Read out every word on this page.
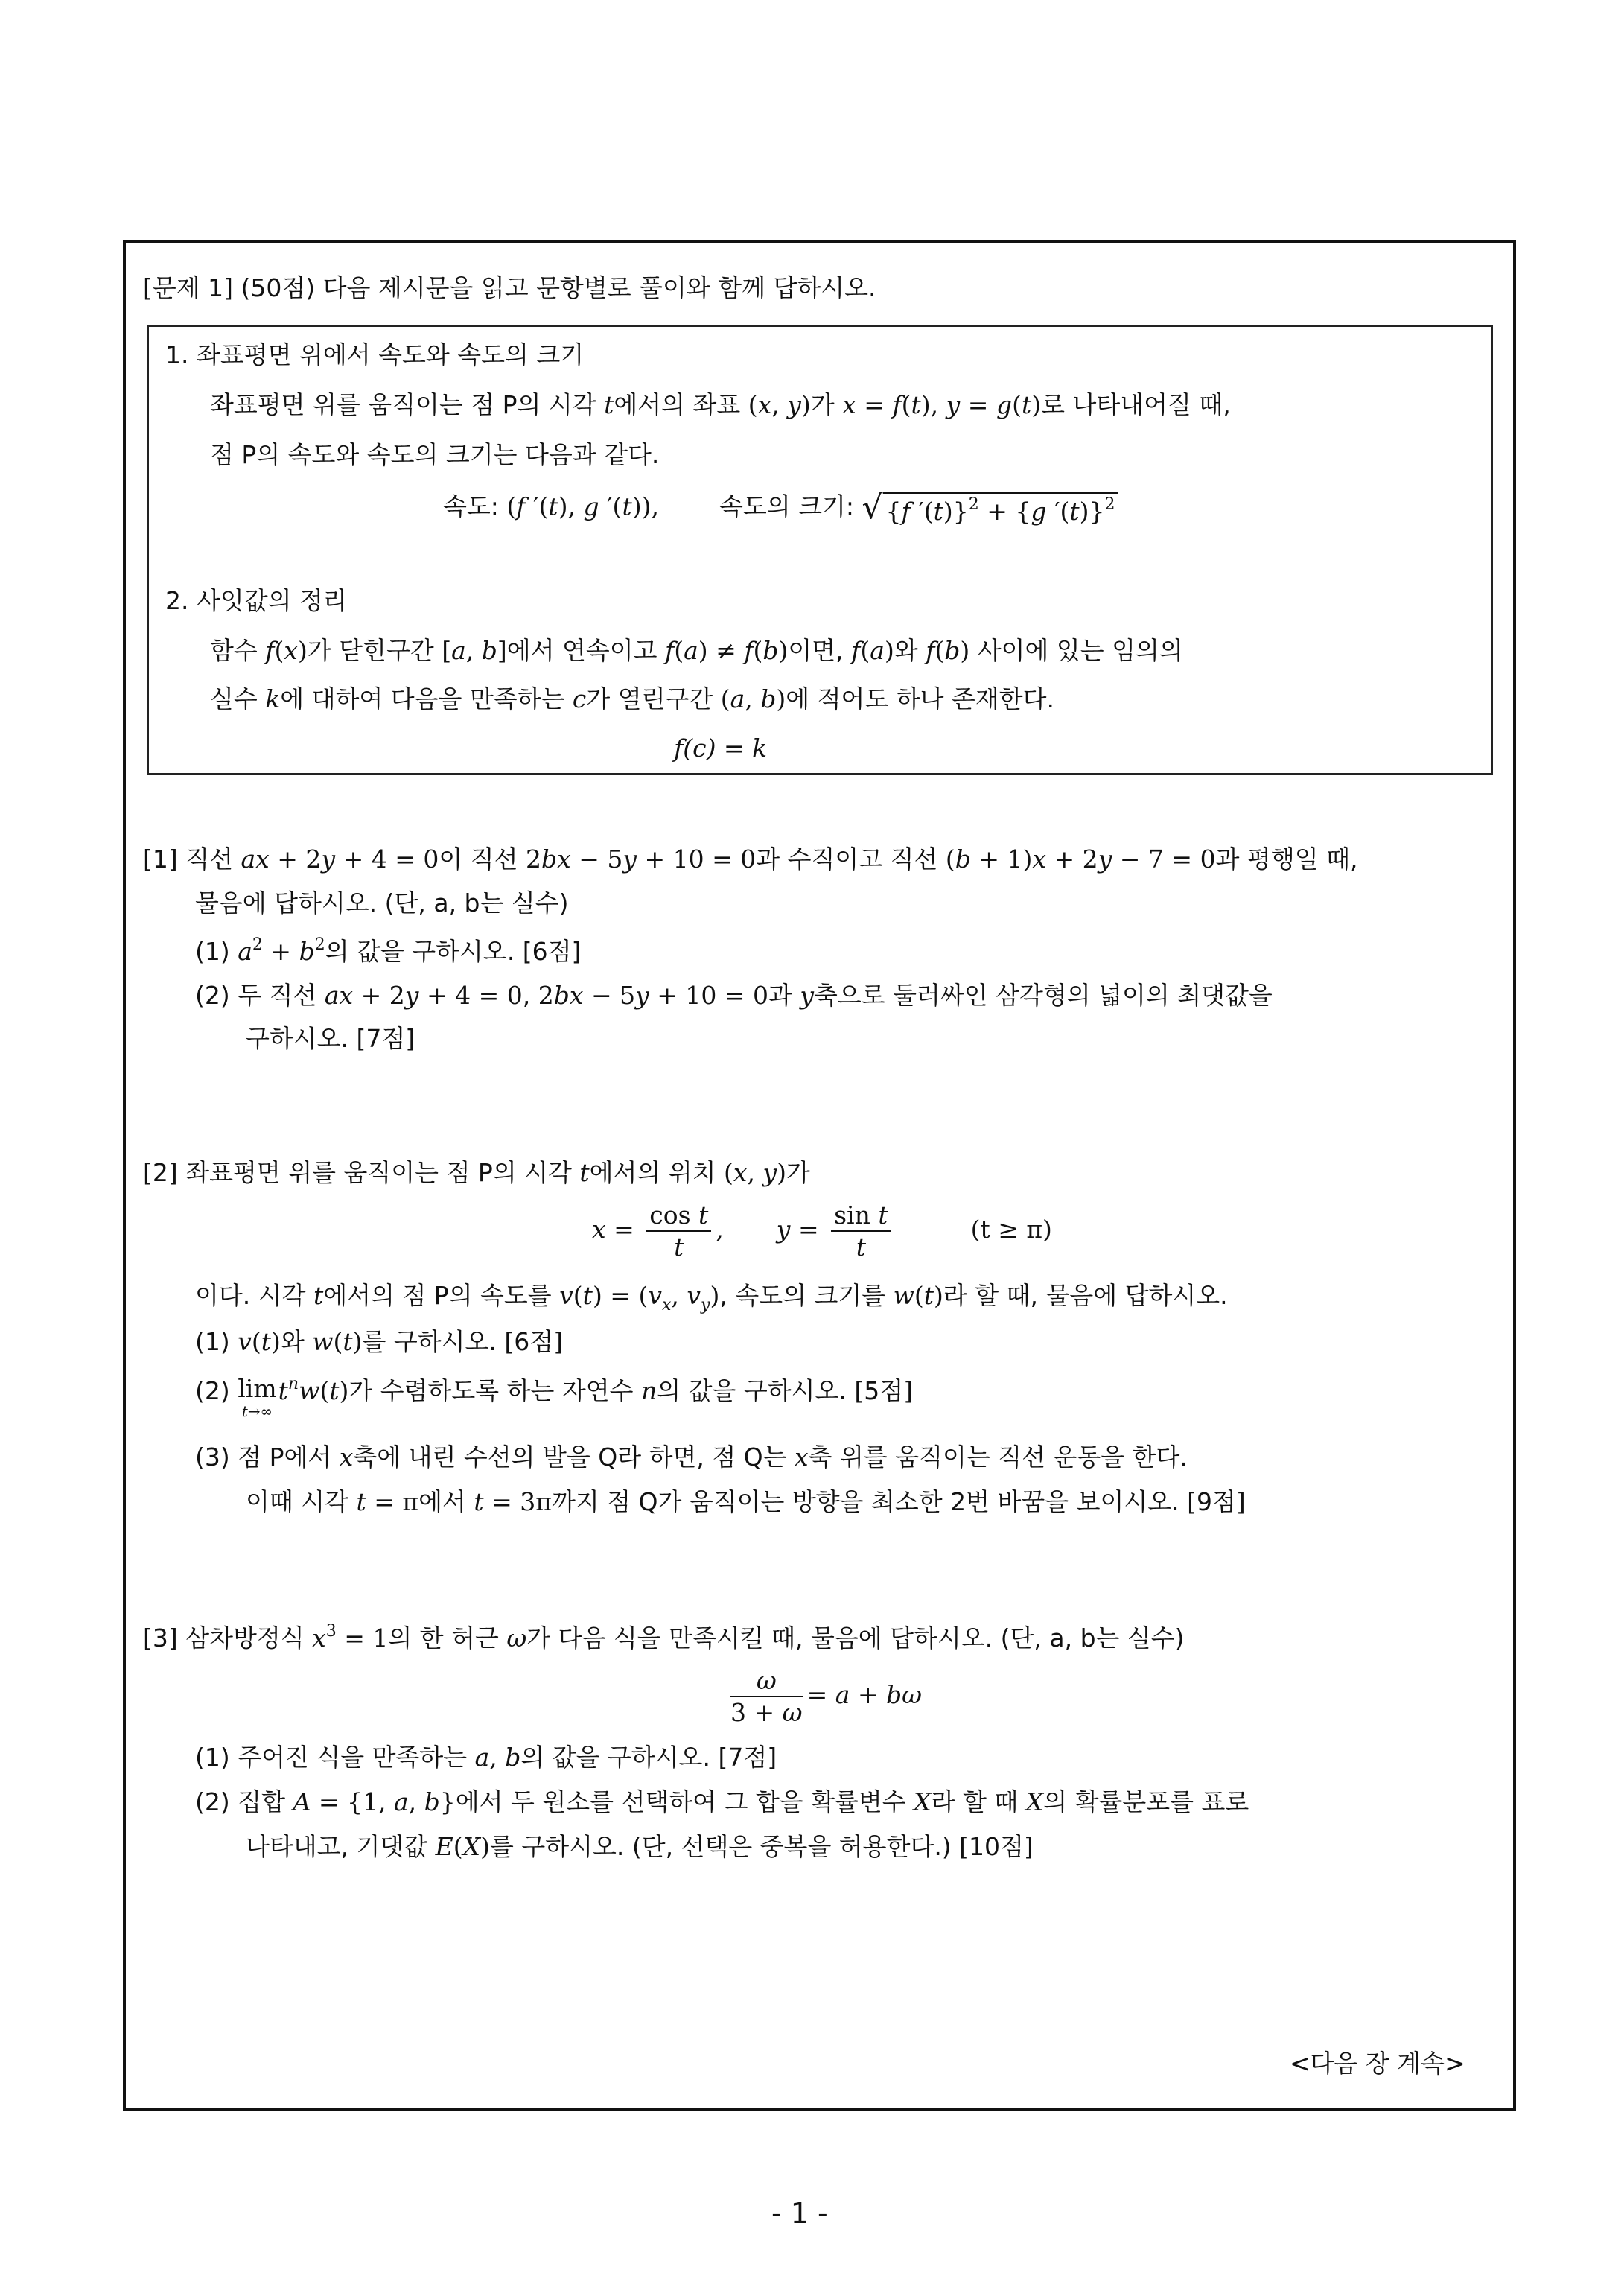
[문제 1] (50점) 다음 제시문을 읽고 문항별로 풀이와 함께 답하시오.
1. 좌표평면 위에서 속도와 속도의 크기
좌표평면 위를 움직이는 점 P의 시각 t에서의 좌표 (x, y)가 x = f(t), y = g(t)로 나타내어질 때,
점 P의 속도와 속도의 크기는 다음과 같다.
속도: (f ′(t), g ′(t)), 속도의 크기: √ {f ′(t)}$^2$ + {g ′(t)}$^2$
2. 사잇값의 정리
함수 f(x)가 닫힌구간 [a, b]에서 연속이고 f(a) ≠ f(b)이면, f(a)와 f(b) 사이에 있는 임의의
실수 k에 대하여 다음을 만족하는 c가 열린구간 (a, b)에 적어도 하나 존재한다.
f(c) = k
[1] 직선 ax + 2y + 4 = 0이 직선 2bx − 5y + 10 = 0과 수직이고 직선 (b + 1)x + 2y − 7 = 0과 평행일 때,
물음에 답하시오. (단, a, b는 실수)
(1) $a^2 + b^2$의 값을 구하시오. [6점]
(2) 두 직선 ax + 2y + 4 = 0, 2bx − 5y + 10 = 0과 y축으로 둘러싸인 삼각형의 넓이의 최댓값을
구하시오. [7점]
[2] 좌표평면 위를 움직이는 점 P의 시각 t에서의 위치 (x, y)가
$x = \frac{\text{cos t}}{t}$ ,  $y = \frac{\text{sin t}}{t}$	(t ≥ π)
이다. 시각 t에서의 점 P의 속도를 $v(t) = (v_x$, $v_y$), 속도의 크기를 w(t)라 할 때, 물음에 답하시오.
(1) v(t)와 w(t)를 구하시오. [6점]
(2) lim
t→∞
$t^nw(t)$가 수렴하도록 하는 자연수 n의 값을 구하시오. [5점]
(3) 점 P에서 x축에 내린 수선의 발을 Q라 하면, 점 Q는 x축 위를 움직이는 직선 운동을 한다.
이때 시각 t = π에서 t = 3π까지 점 Q가 움직이는 방향을 최소한 2번 바꿈을 보이시오. [9점]
[3] 삼차방정식 $x^3 = 1$의 한 허근 ω가 다음 식을 만족시킬 때, 물음에 답하시오. (단, a, b는 실수)
$\frac{\omega}{3 + \omega} = a + b\omega$
(1) 주어진 식을 만족하는 a, b의 값을 구하시오. [7점]
(2) 집합 A = {1, a, b}에서 두 원소를 선택하여 그 합을 확률변수 X라 할 때 X의 확률분포를 표로
나타내고, 기댓값 E(X)를 구하시오. (단, 선택은 중복을 허용한다.) [10점]
<다음 장 계속>
- 1 -
